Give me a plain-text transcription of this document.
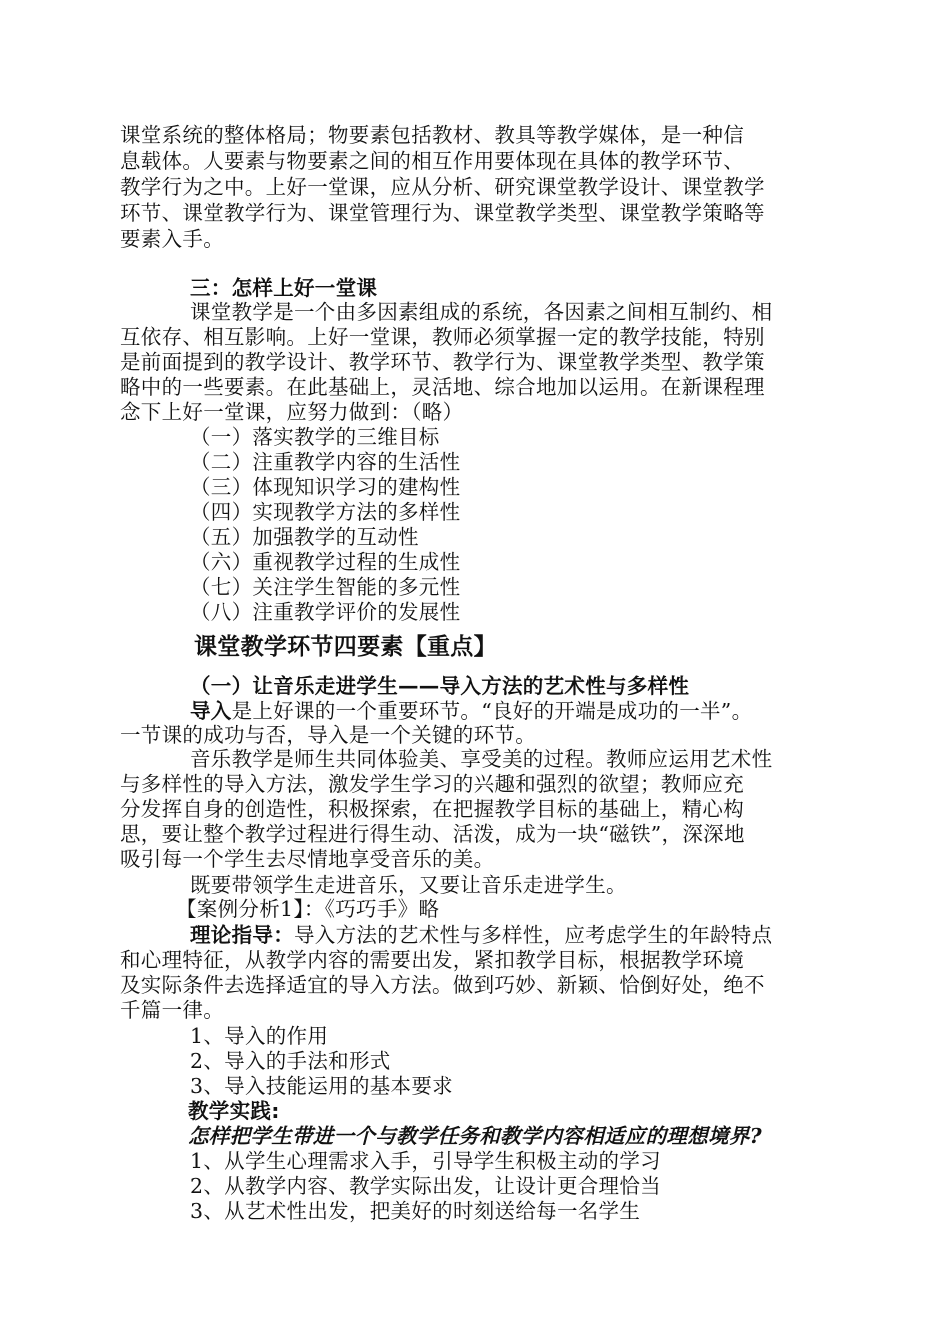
课堂系统的整体格局；物要素包括教材、教具等教学媒体，是一种信
息载体。人要素与物要素之间的相互作用要体现在具体的教学环节、
教学行为之中。上好一堂课，应从分析、研究课堂教学设计、课堂教学
环节、课堂教学行为、课堂管理行为、课堂教学类型、课堂教学策略等
要素入手。
三：怎样上好一堂课
课堂教学是一个由多因素组成的系统，各因素之间相互制约、相
互依存、相互影响。上好一堂课，教师必须掌握一定的教学技能，特别
是前面提到的教学设计、教学环节、教学行为、课堂教学类型、教学策
略中的一些要素。在此基础上，灵活地、综合地加以运用。在新课程理
念下上好一堂课，应努力做到：（略）
（一）落实教学的三维目标
（二）注重教学内容的生活性
（三）体现知识学习的建构性
（四）实现教学方法的多样性
（五）加强教学的互动性
（六）重视教学过程的生成性
（七）关注学生智能的多元性
（八）注重教学评价的发展性
课堂教学环节四要素【重点】
（一）让音乐走进学生——导入方法的艺术性与多样性
导入是上好课的一个重要环节。“良好的开端是成功的一半”。
一节课的成功与否，导入是一个关键的环节。
音乐教学是师生共同体验美、享受美的过程。教师应运用艺术性
与多样性的导入方法，激发学生学习的兴趣和强烈的欲望；教师应充
分发挥自身的创造性，积极探索，在把握教学目标的基础上，精心构
思，要让整个教学过程进行得生动、活泼，成为一块“磁铁”，深深地
吸引每一个学生去尽情地享受音乐的美。
既要带领学生走进音乐，又要让音乐走进学生。
【案例分析1】：《巧巧手》略
理论指导：导入方法的艺术性与多样性，应考虑学生的年龄特点
和心理特征，从教学内容的需要出发，紧扣教学目标，根据教学环境
及实际条件去选择适宜的导入方法。做到巧妙、新颖、恰倒好处，绝不
千篇一律。
1、导入的作用
2、导入的手法和形式
3、导入技能运用的基本要求
教学实践:
怎样把学生带进一个与教学任务和教学内容相适应的理想境界?
1、从学生心理需求入手，引导学生积极主动的学习
2、从教学内容、教学实际出发，让设计更合理恰当
3、从艺术性出发，把美好的时刻送给每一名学生
